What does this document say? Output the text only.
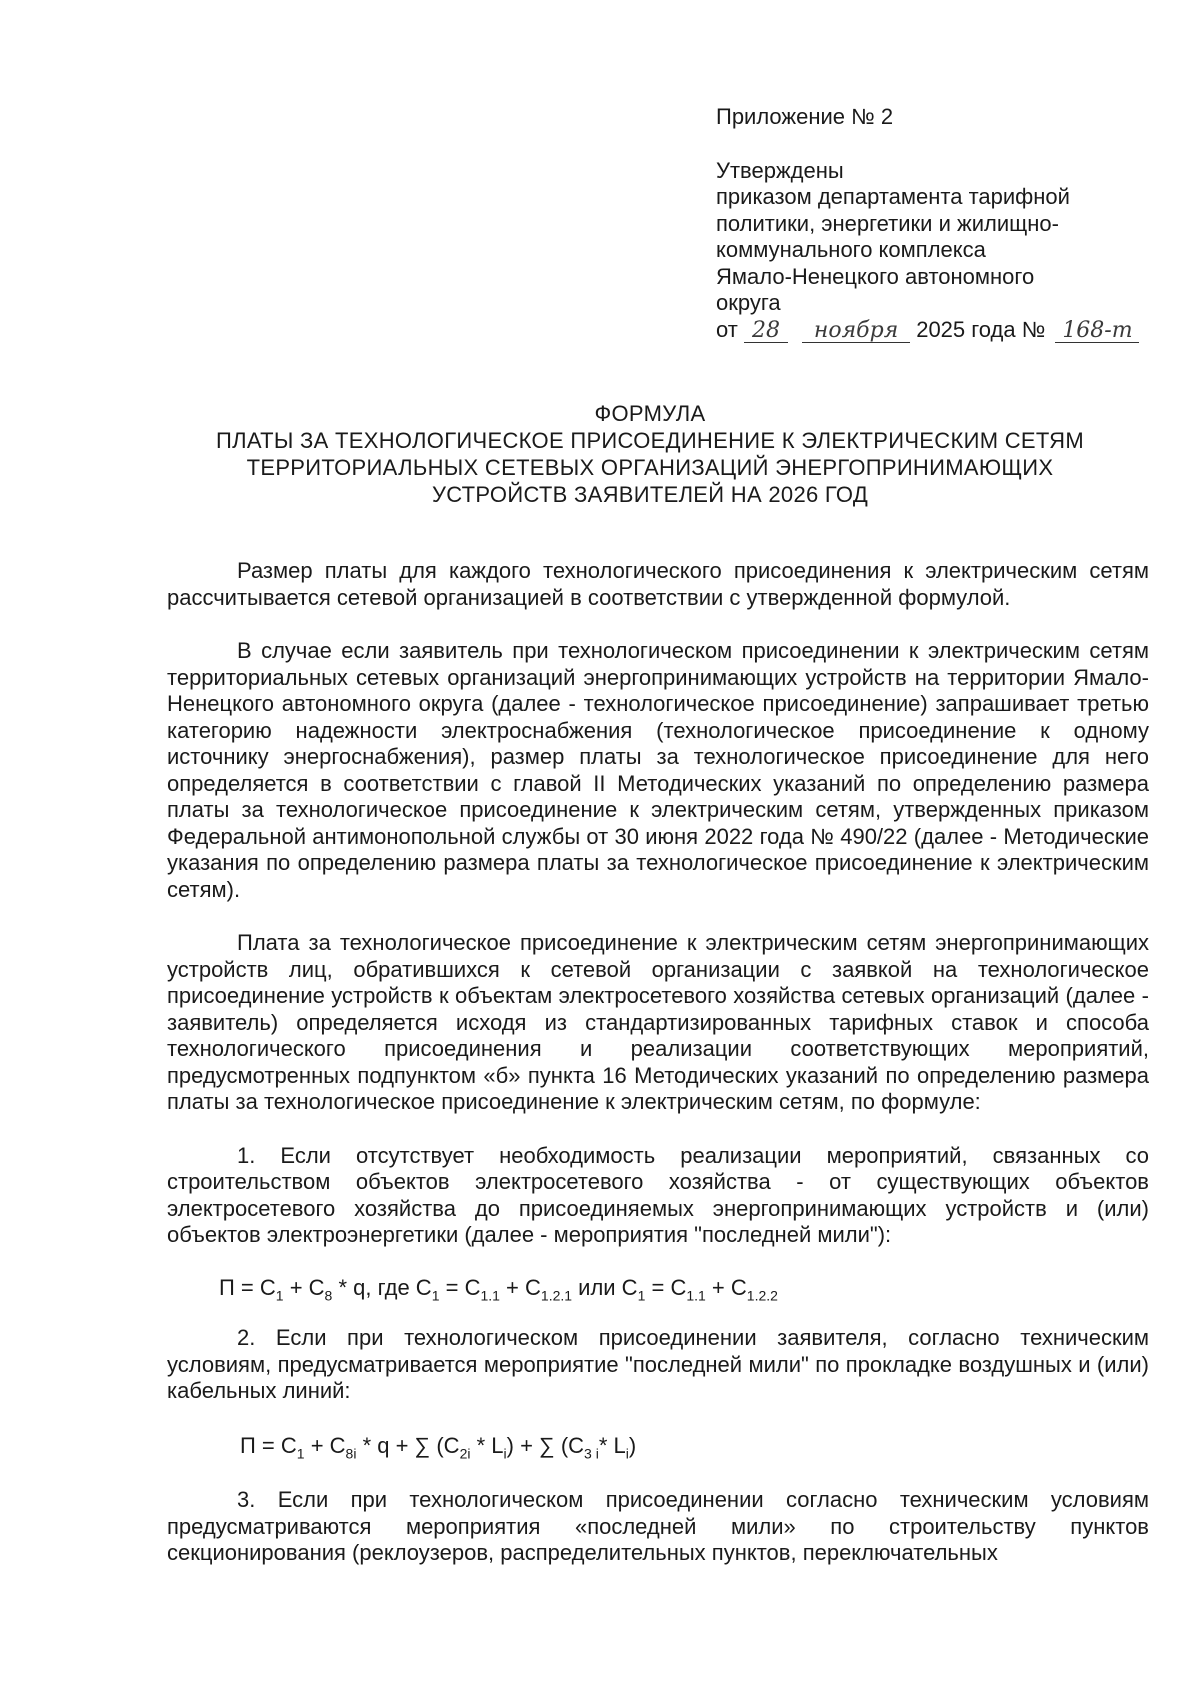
Приложение № 2
Утверждены
приказом департамента тарифной
политики, энергетики и жилищно-
коммунального комплекса
Ямало-Ненецкого автономного
округа
от 28 ноября 2025 года № 168-т
ФОРМУЛА
ПЛАТЫ ЗА ТЕХНОЛОГИЧЕСКОЕ ПРИСОЕДИНЕНИЕ К ЭЛЕКТРИЧЕСКИМ СЕТЯМ
ТЕРРИТОРИАЛЬНЫХ СЕТЕВЫХ ОРГАНИЗАЦИЙ ЭНЕРГОПРИНИМАЮЩИХ
УСТРОЙСТВ ЗАЯВИТЕЛЕЙ НА 2026 ГОД

Размер платы для каждого технологического присоединения к электрическим сетям рассчитывается сетевой организацией в соответствии с утвержденной формулой.

В случае если заявитель при технологическом присоединении к электрическим сетям территориальных сетевых организаций энергопринимающих устройств на территории Ямало-Ненецкого автономного округа (далее - технологическое присоединение) запрашивает третью категорию надежности электроснабжения (технологическое присоединение к одному источнику энергоснабжения), размер платы за технологическое присоединение для него определяется в соответствии с главой II Методических указаний по определению размера платы за технологическое присоединение к электрическим сетям, утвержденных приказом Федеральной антимонопольной службы от 30 июня 2022 года № 490/22 (далее - Методические указания по определению размера платы за технологическое присоединение к электрическим сетям).

Плата за технологическое присоединение к электрическим сетям энергопринимающих устройств лиц, обратившихся к сетевой организации с заявкой на технологическое присоединение устройств к объектам электросетевого хозяйства сетевых организаций (далее - заявитель) определяется исходя из стандартизированных тарифных ставок и способа технологического присоединения и реализации соответствующих мероприятий, предусмотренных подпунктом «б» пункта 16 Методических указаний по определению размера платы за технологическое присоединение к электрическим сетям, по формуле:

1. Если отсутствует необходимость реализации мероприятий, связанных со строительством объектов электросетевого хозяйства - от существующих объектов электросетевого хозяйства до присоединяемых энергопринимающих устройств и (или) объектов электроэнергетики (далее - мероприятия "последней мили"):

$П = С_1 + С_8 * q$, где $С_1 = С_{1.1} + С_{1.2.1}$ или $С_1 = С_{1.1} + С_{1.2.2}$

2. Если при технологическом присоединении заявителя, согласно техническим условиям, предусматривается мероприятие "последней мили" по прокладке воздушных и (или) кабельных линий:

$П = С_1 + С_{8i} * q$ + ∑ $(С_{2i} * L_i)$ + ∑ ($С_{3 i}*$ $L_i$)

3. Если при технологическом присоединении согласно техническим условиям предусматриваются мероприятия «последней мили» по строительству пунктов секционирования (реклоузеров, распределительных пунктов, переключательных
